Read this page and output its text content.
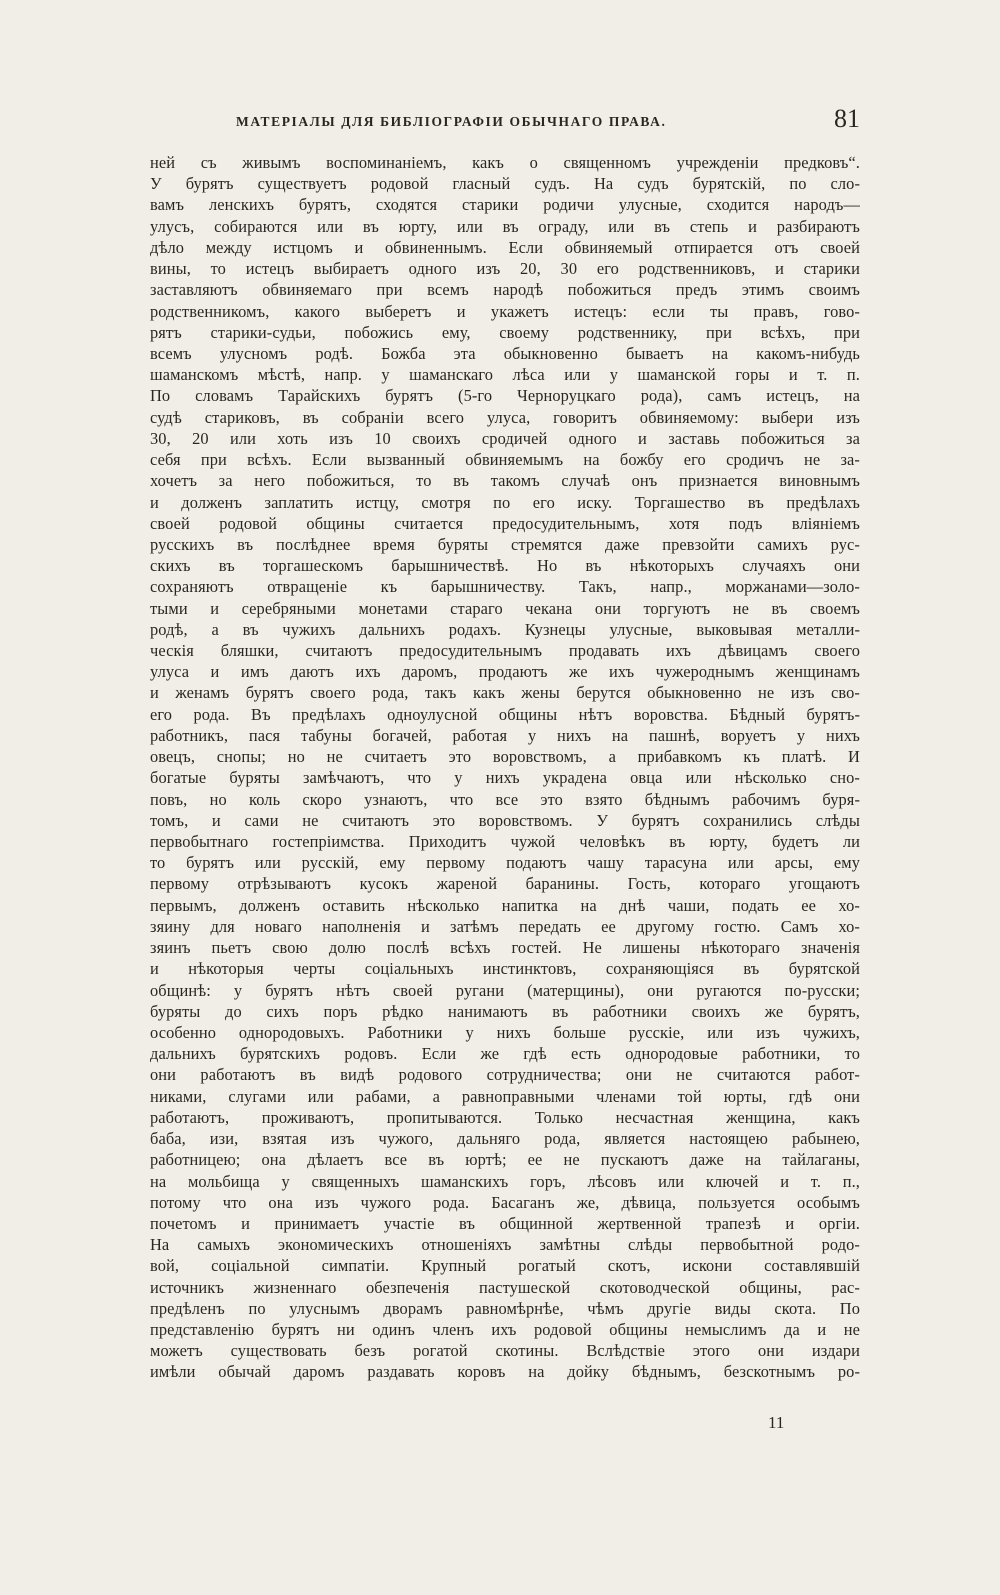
МАТЕРІАЛЫ ДЛЯ БИБЛІОГРАФІИ ОБЫЧНАГО ПРАВА.	81
ней съ живымъ воспоминаніемъ, какъ о священномъ учрежденіи предковъ“.
У бурятъ существуетъ родовой гласный судъ. На судъ бурятскій, по сло-
вамъ ленскихъ бурятъ, сходятся старики родичи улусные, сходится народъ—
улусъ, собираются или въ юрту, или въ ограду, или въ степь и разбираютъ
дѣло между истцомъ и обвиненнымъ. Если обвиняемый отпирается отъ своей
вины, то истецъ выбираетъ одного изъ 20, 30 его родственниковъ, и старики
заставляютъ обвиняемаго при всемъ народѣ побожиться предъ этимъ своимъ
родственникомъ, какого выберетъ и укажетъ истецъ: если ты правъ, гово-
рятъ старики-судьи, побожись ему, своему родственнику, при всѣхъ, при
всемъ улусномъ родѣ. Божба эта обыкновенно бываетъ на какомъ-нибудь
шаманскомъ мѣстѣ, напр. у шаманскаго лѣса или у шаманской горы и т. п.
По словамъ Тарайскихъ бурятъ (5-го Черноруцкаго рода), самъ истецъ, на
судѣ стариковъ, въ собраніи всего улуса, говоритъ обвиняемому: выбери изъ
30, 20 или хоть изъ 10 своихъ сродичей одного и заставь побожиться за
себя при всѣхъ. Если вызванный обвиняемымъ на божбу его сродичъ не за-
хочетъ за него побожиться, то въ такомъ случаѣ онъ признается виновнымъ
и долженъ заплатить истцу, смотря по его иску. Торгашество въ предѣлахъ
своей родовой общины считается предосудительнымъ, хотя подъ вліяніемъ
русскихъ въ послѣднее время буряты стремятся даже превзойти самихъ рус-
скихъ въ торгашескомъ барышничествѣ. Но въ нѣкоторыхъ случаяхъ они
сохраняютъ отвращеніе къ барышничеству. Такъ, напр., моржанами—золо-
тыми и серебряными монетами стараго чекана они торгуютъ не въ своемъ
родѣ, а въ чужихъ дальнихъ родахъ. Кузнецы улусные, выковывая металли-
ческія бляшки, считаютъ предосудительнымъ продавать ихъ дѣвицамъ своего
улуса и имъ даютъ ихъ даромъ, продаютъ же ихъ чужероднымъ женщинамъ
и женамъ бурятъ своего рода, такъ какъ жены берутся обыкновенно не изъ сво-
его рода. Въ предѣлахъ одноулусной общины нѣтъ воровства. Бѣдный бурятъ-
работникъ, пася табуны богачей, работая у нихъ на пашнѣ, воруетъ у нихъ
овецъ, снопы; но не считаетъ это воровствомъ, а прибавкомъ къ платѣ. И
богатые буряты замѣчаютъ, что у нихъ украдена овца или нѣсколько сно-
повъ, но коль скоро узнаютъ, что все это взято бѣднымъ рабочимъ буря-
томъ, и сами не считаютъ это воровствомъ. У бурятъ сохранились слѣды
первобытнаго гостепріимства. Приходитъ чужой человѣкъ въ юрту, будетъ ли
то бурятъ или русскій, ему первому подаютъ чашу тарасуна или арсы, ему
первому отрѣзываютъ кусокъ жареной баранины. Гость, котораго угощаютъ
первымъ, долженъ оставить нѣсколько напитка на днѣ чаши, подать ее хо-
зяину для новаго наполненія и затѣмъ передать ее другому гостю. Самъ хо-
зяинъ пьетъ свою долю послѣ всѣхъ гостей. Не лишены нѣкотораго значенія
и нѣкоторыя черты соціальныхъ инстинктовъ, сохраняющіяся въ бурятской
общинѣ: у бурятъ нѣтъ своей ругани (матерщины), они ругаются по-русски;
буряты до сихъ поръ рѣдко нанимаютъ въ работники своихъ же бурятъ,
особенно однородовыхъ. Работники у нихъ больше русскіе, или изъ чужихъ,
дальнихъ бурятскихъ родовъ. Если же гдѣ есть однородовые работники, то
они работаютъ въ видѣ родового сотрудничества; они не считаются работ-
никами, слугами или рабами, а равноправными членами той юрты, гдѣ они
работаютъ, проживаютъ, пропитываются. Только несчастная женщина, какъ
баба, изи, взятая изъ чужого, дальняго рода, является настоящею рабынею,
работницею; она дѣлаетъ все въ юртѣ; ее не пускаютъ даже на тайлаганы,
на мольбища у священныхъ шаманскихъ горъ, лѣсовъ или ключей и т. п.,
потому что она изъ чужого рода. Басаганъ же, дѣвица, пользуется особымъ
почетомъ и принимаетъ участіе въ общинной жертвенной трапезѣ и оргіи.
На самыхъ экономическихъ отношеніяхъ замѣтны слѣды первобытной родо-
вой, соціальной симпатіи. Крупный рогатый скотъ, искони составлявшій
источникъ жизненнаго обезпеченія пастушеской скотоводческой общины, рас-
предѣленъ по улуснымъ дворамъ равномѣрнѣе, чѣмъ другіе виды скота. По
представленію бурятъ ни одинъ членъ ихъ родовой общины немыслимъ да и не
можетъ существовать безъ рогатой скотины. Вслѣдствіе этого они издари
имѣли обычай даромъ раздавать коровъ на дойку бѣднымъ, безскотнымъ ро-
11
